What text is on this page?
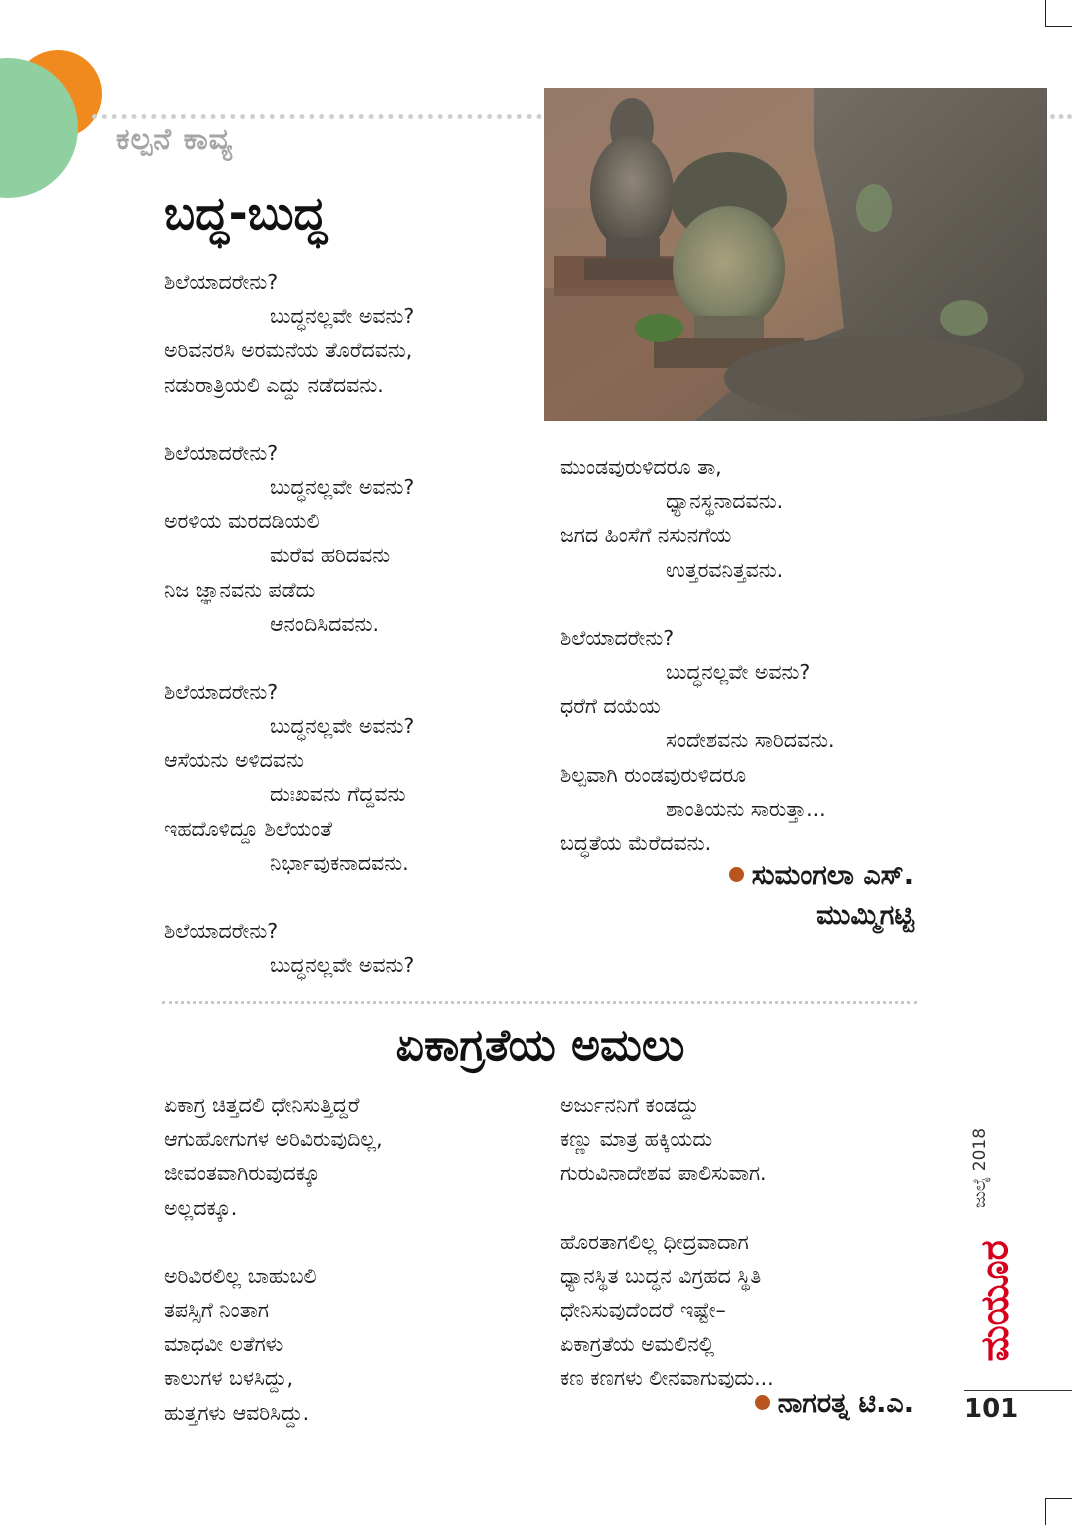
ಕಲ್ಪನೆ ಕಾವ್ಯ
ಬದ್ಧ-ಬುದ್ಧ
ಶಿಲೆಯಾದರೇನು?
ಬುದ್ಧನಲ್ಲವೇ ಅವನು?
ಅರಿವನರಸಿ ಅರಮನೆಯ ತೊರೆದವನು,
ನಡುರಾತ್ರಿಯಲಿ ಎದ್ದು ನಡೆದವನು.
ಶಿಲೆಯಾದರೇನು?
ಬುದ್ಧನಲ್ಲವೇ ಅವನು?
ಅರಳಿಯ ಮರದಡಿಯಲಿ
ಮರೆವ ಹರಿದವನು
ನಿಜ ಜ್ಞಾನವನು ಪಡೆದು
ಆನಂದಿಸಿದವನು.
ಶಿಲೆಯಾದರೇನು?
ಬುದ್ಧನಲ್ಲವೇ ಅವನು?
ಆಸೆಯನು ಅಳಿದವನು
ದುಃಖವನು ಗೆದ್ದವನು
ಇಹದೊಳಿದ್ದೂ ಶಿಲೆಯಂತೆ
ನಿರ್ಭಾವುಕನಾದವನು.
ಶಿಲೆಯಾದರೇನು?
ಬುದ್ಧನಲ್ಲವೇ ಅವನು?
ಮುಂಡವುರುಳಿದರೂ ತಾ,
ಧ್ಯಾನಸ್ಥನಾದವನು.
ಜಗದ ಹಿಂಸೆಗೆ ನಸುನಗೆಯ
ಉತ್ತರವನಿತ್ತವನು.
ಶಿಲೆಯಾದರೇನು?
ಬುದ್ಧನಲ್ಲವೇ ಅವನು?
ಧರೆಗೆ ದಯೆಯ
ಸಂದೇಶವನು ಸಾರಿದವನು.
ಶಿಲ್ಪವಾಗಿ ರುಂಡವುರುಳಿದರೂ
ಶಾಂತಿಯನು ಸಾರುತ್ತಾ...
ಬದ್ಧತೆಯ ಮೆರೆದವನು.
ಸುಮಂಗಲಾ ಎಸ್.
ಮುಮ್ಮಿಗಟ್ಟಿ
ಏಕಾಗ್ರತೆಯ ಅಮಲು
ಏಕಾಗ್ರ ಚಿತ್ತದಲಿ ಧೇನಿಸುತ್ತಿದ್ದರೆ
ಆಗುಹೋಗುಗಳ ಅರಿವಿರುವುದಿಲ್ಲ,
ಜೀವಂತವಾಗಿರುವುದಕ್ಕೂ
ಅಲ್ಲದಕ್ಕೂ.
ಅರಿವಿರಲಿಲ್ಲ ಬಾಹುಬಲಿ
ತಪಸ್ಸಿಗೆ ನಿಂತಾಗ
ಮಾಧವೀ ಲತೆಗಳು
ಕಾಲುಗಳ ಬಳಸಿದ್ದು,
ಹುತ್ತಗಳು ಆವರಿಸಿದ್ದು.
ಅರ್ಜುನನಿಗೆ ಕಂಡದ್ದು
ಕಣ್ಣು ಮಾತ್ರ ಹಕ್ಕಿಯದು
ಗುರುವಿನಾದೇಶವ ಪಾಲಿಸುವಾಗ.
ಹೊರತಾಗಲಿಲ್ಲ ಧೀದ್ರವಾದಾಗ
ಧ್ಯಾನಸ್ಥಿತ ಬುದ್ಧನ ವಿಗ್ರಹದ ಸ್ಥಿತಿ
ಧೇನಿಸುವುದೆಂದರೆ ಇಷ್ಟೇ–
ಏಕಾಗ್ರತೆಯ ಅಮಲಿನಲ್ಲಿ
ಕಣ ಕಣಗಳು ಲೀನವಾಗುವುದು...
ನಾಗರತ್ನ ಟಿ.ಎ.
ಜುಲೈ 2018
ಮಯೂರ
101
